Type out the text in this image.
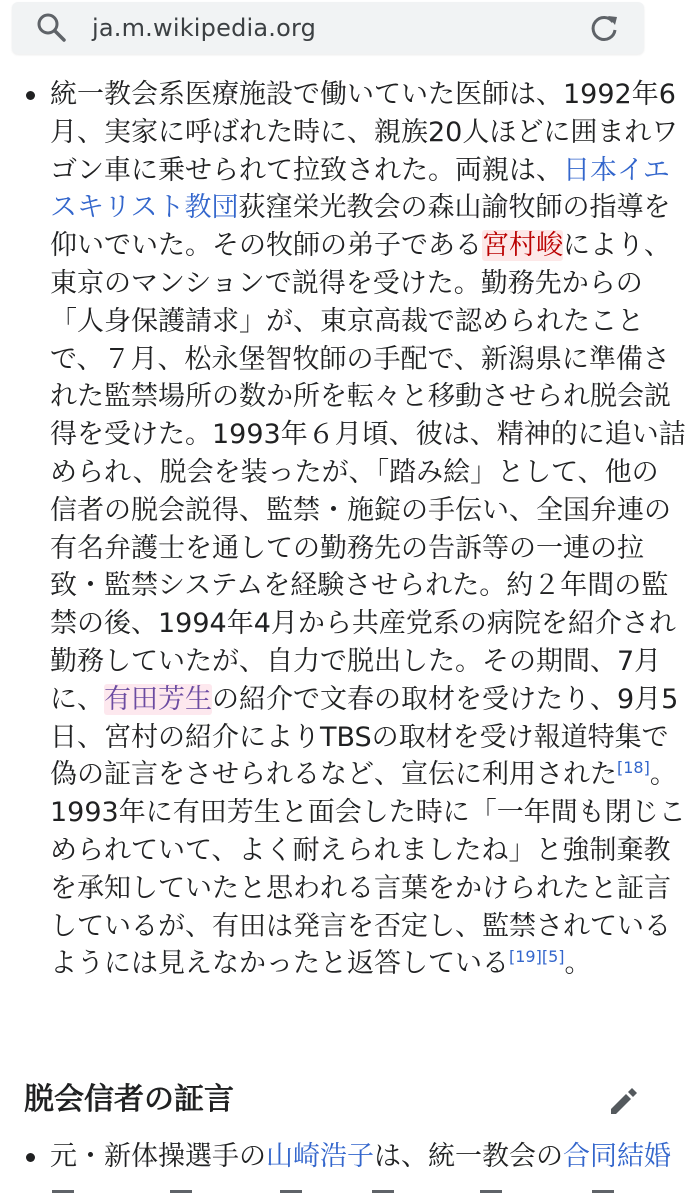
ja.m.wikipedia.org
統一教会系医療施設で働いていた医師は、1992年6
月、実家に呼ばれた時に、親族20人ほどに囲まれワ
ゴン車に乗せられて拉致された。両親は、日本イエ
スキリスト教団荻窪栄光教会の森山諭牧師の指導を
仰いでいた。その牧師の弟子である宮村峻により、
東京のマンションで説得を受けた。勤務先からの
「人身保護請求」が、東京高裁で認められたこと
で、７月、松永堡智牧師の手配で、新潟県に準備さ
れた監禁場所の数か所を転々と移動させられ脱会説
得を受けた。1993年６月頃、彼は、精神的に追い詰
められ、脱会を装ったが、「踏み絵」として、他の
信者の脱会説得、監禁・施錠の手伝い、全国弁連の
有名弁護士を通しての勤務先の告訴等の一連の拉
致・監禁システムを経験させられた。約２年間の監
禁の後、1994年4月から共産党系の病院を紹介され
勤務していたが、自力で脱出した。その期間、7月
に、有田芳生の紹介で文春の取材を受けたり、9月5
日、宮村の紹介によりTBSの取材を受け報道特集で
偽の証言をさせられるなど、宣伝に利用された[18]。
1993年に有田芳生と面会した時に「一年間も閉じこ
められていて、よく耐えられましたね」と強制棄教
を承知していたと思われる言葉をかけられたと証言
しているが、有田は発言を否定し、監禁されている
ようには見えなかったと返答している[19][5]。
脱会信者の証言
元・新体操選手の山崎浩子は、統一教会の合同結婚
